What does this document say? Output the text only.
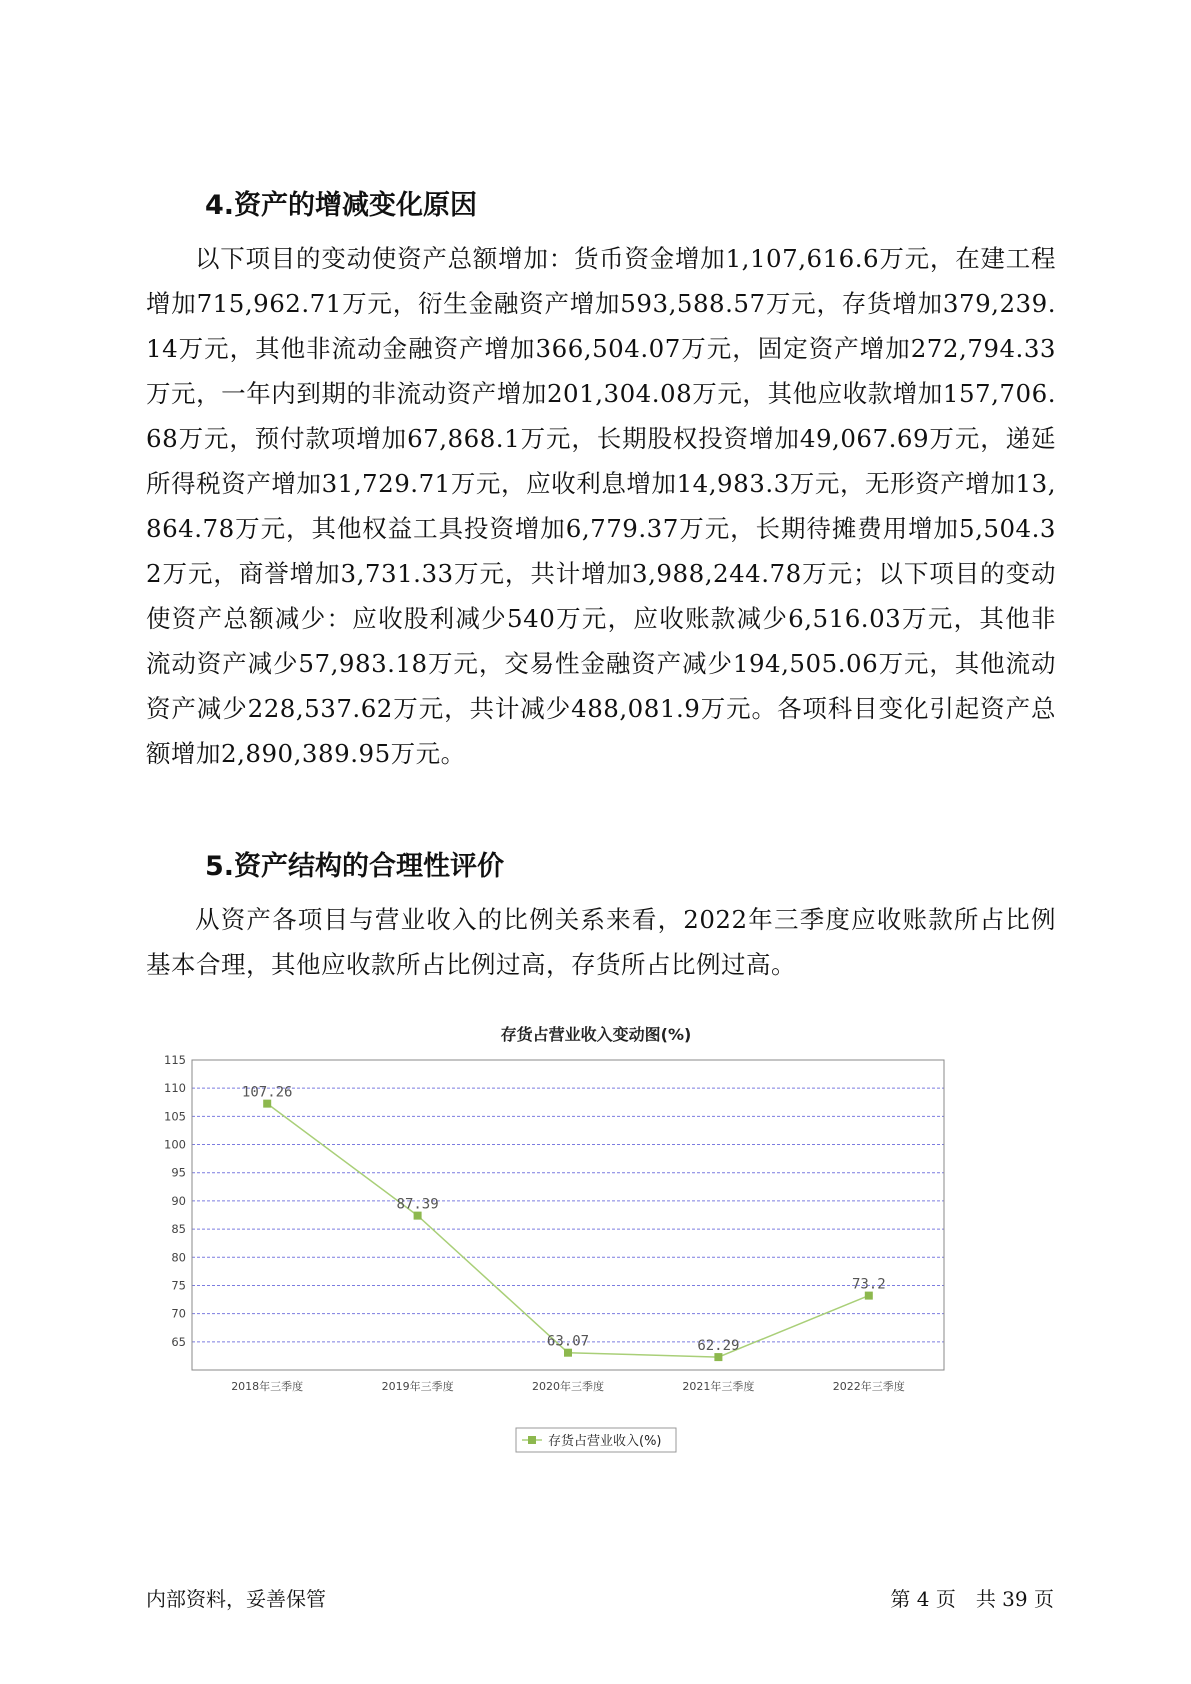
4.资产的增减变化原因

以下项目的变动使资产总额增加：货币资金增加1,107,616.6万元，在建工程增加715,962.71万元，衍生金融资产增加593,588.57万元，存货增加379,239.14万元，其他非流动金融资产增加366,504.07万元，固定资产增加272,794.33万元，一年内到期的非流动资产增加201,304.08万元，其他应收款增加157,706.68万元，预付款项增加67,868.1万元，长期股权投资增加49,067.69万元，递延所得税资产增加31,729.71万元，应收利息增加14,983.3万元，无形资产增加13,864.78万元，其他权益工具投资增加6,779.37万元，长期待摊费用增加5,504.32万元，商誉增加3,731.33万元，共计增加3,988,244.78万元；以下项目的变动使资产总额减少：应收股利减少540万元，应收账款减少6,516.03万元，其他非流动资产减少57,983.18万元，交易性金融资产减少194,505.06万元，其他流动资产减少228,537.62万元，共计减少488,081.9万元。各项科目变化引起资产总额增加2,890,389.95万元。

5.资产结构的合理性评价

从资产各项目与营业收入的比例关系来看，2022年三季度应收账款所占比例基本合理，其他应收款所占比例过高，存货所占比例过高。

存货占营业收入变动图(%)
65
70
75
80
85
90
95
100
105
110
115
2018年三季度	2019年三季度	2020年三季度	2021年三季度	2022年三季度
107.26
87.39
63.07	62.29
73.2
存货占营业收入(%)

内部资料，妥善保管	第 4 页　共 39 页
